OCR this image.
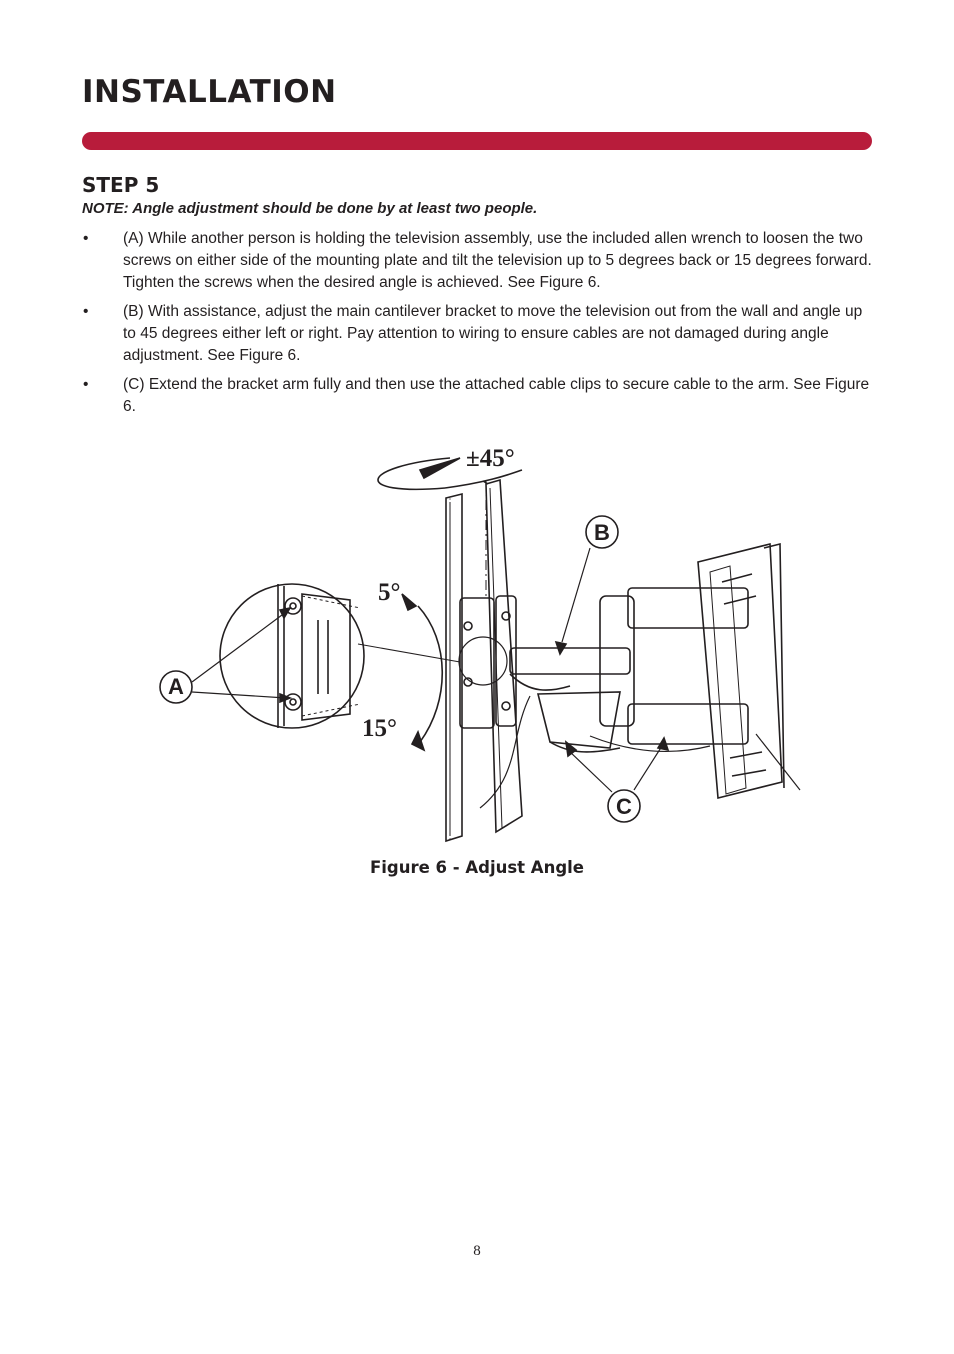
INSTALLATION
STEP 5

NOTE: Angle adjustment should be done by at least two people.

• (A) While another person is holding the television assembly, use the included allen wrench to loosen the two screws on either side of the mounting plate and tilt the television up to 5 degrees back or 15 degrees forward. Tighten the screws when the desired angle is achieved. See Figure 6.
• (B) With assistance, adjust the main cantilever bracket to move the television out from the wall and angle up to 45 degrees either left or right. Pay attention to wiring to ensure cables are not damaged during angle adjustment. See Figure 6.
• (C) Extend the bracket arm fully and then use the attached cable clips to secure cable to the arm. See Figure 6.
±45°
5°
15°
A
B
C

Figure 6 - Adjust Angle

8
